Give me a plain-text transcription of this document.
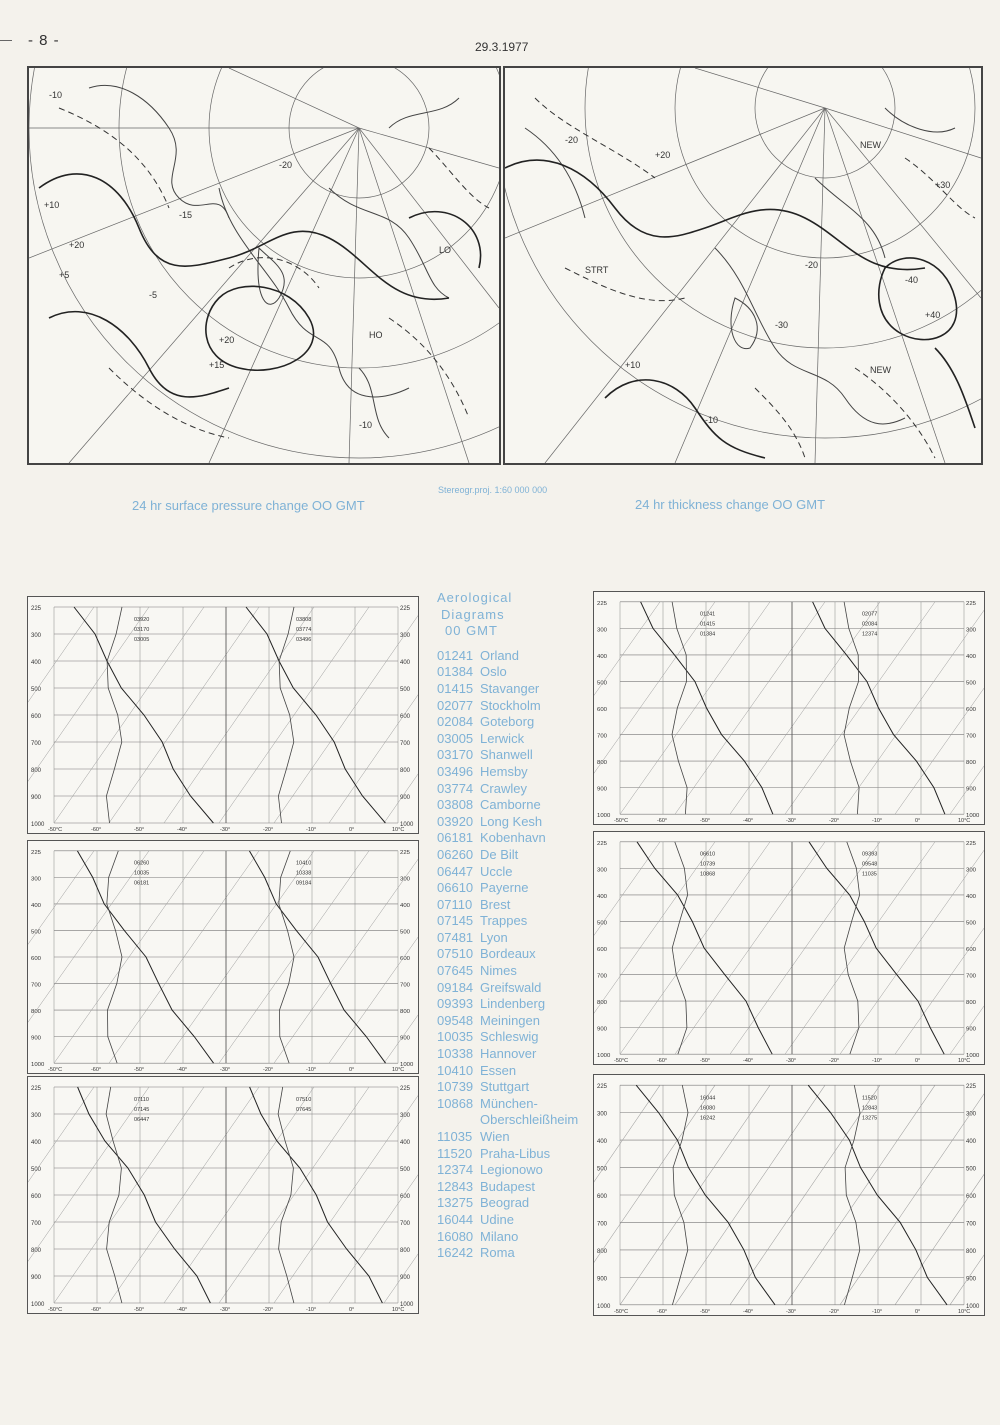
- 8 -	29.3.1977
-10
+10
+20
+15
-20
-15
LO
HO
+5
-5
+20
-10
NEW
NEW
STRT
-20
-40
+20
-30
+10
-10
+30
-20
+40
24 hr surface pressure change OO GMT
Stereogr.proj. 1:60 000 000
24 hr thickness change OO GMT
225	225
300	300
400	400
500	500
600	600
700	700
800	800
900	900
1000	1000
-50°C	-60°	-50°	-40°	-30°	-20°	-10°	0°	10°C
03920
03170
03005
03808
03774
03496
225	225
300	300
400	400
500	500
600	600
700	700
800	800
900	900
1000	1000
-50°C	-60°	-50°	-40°	-30°	-20°	-10°	0°	10°C
06260
10035
06181
10410
10338
09184
225	225
300	300
400	400
500	500
600	600
700	700
800	800
900	900
1000	1000
-50°C	-60°	-50°	-40°	-30°	-20°	-10°	0°	10°C
07110
07145
06447
07510
07645
225	225
300	300
400	400
500	500
600	600
700	700
800	800
900	900
1000	1000
-50°C	-60°	-50°	-40°	-30°	-20°	-10°	0°	10°C
01241
01415
01384
02077
02084
12374
225	225
300	300
400	400
500	500
600	600
700	700
800	800
900	900
1000	1000
-50°C	-60°	-50°	-40°	-30°	-20°	-10°	0°	10°C
06610
10739
10868
09393
09548
11035
225	225
300	300
400	400
500	500
600	600
700	700
800	800
900	900
1000	1000
-50°C	-60°	-50°	-40°	-30°	-20°	-10°	0°	10°C
16044
16080
16242
11520
12843
13275
Aerological
Diagrams
00 GMT
01241 Orland
01384 Oslo
01415 Stavanger
02077 Stockholm
02084 Goteborg
03005 Lerwick
03170 Shanwell
03496 Hemsby
03774 Crawley
03808 Camborne
03920 Long Kesh
06181 Kobenhavn
06260 De Bilt
06447 Uccle
06610 Payerne
07110 Brest
07145 Trappes
07481 Lyon
07510 Bordeaux
07645 Nimes
09184 Greifswald
09393 Lindenberg
09548 Meiningen
10035 Schleswig
10338 Hannover
10410 Essen
10739 Stuttgart
10868 München-
Oberschleißheim
11035 Wien
11520 Praha-Libus
12374 Legionowo
12843 Budapest
13275 Beograd
16044 Udine
16080 Milano
16242 Roma
